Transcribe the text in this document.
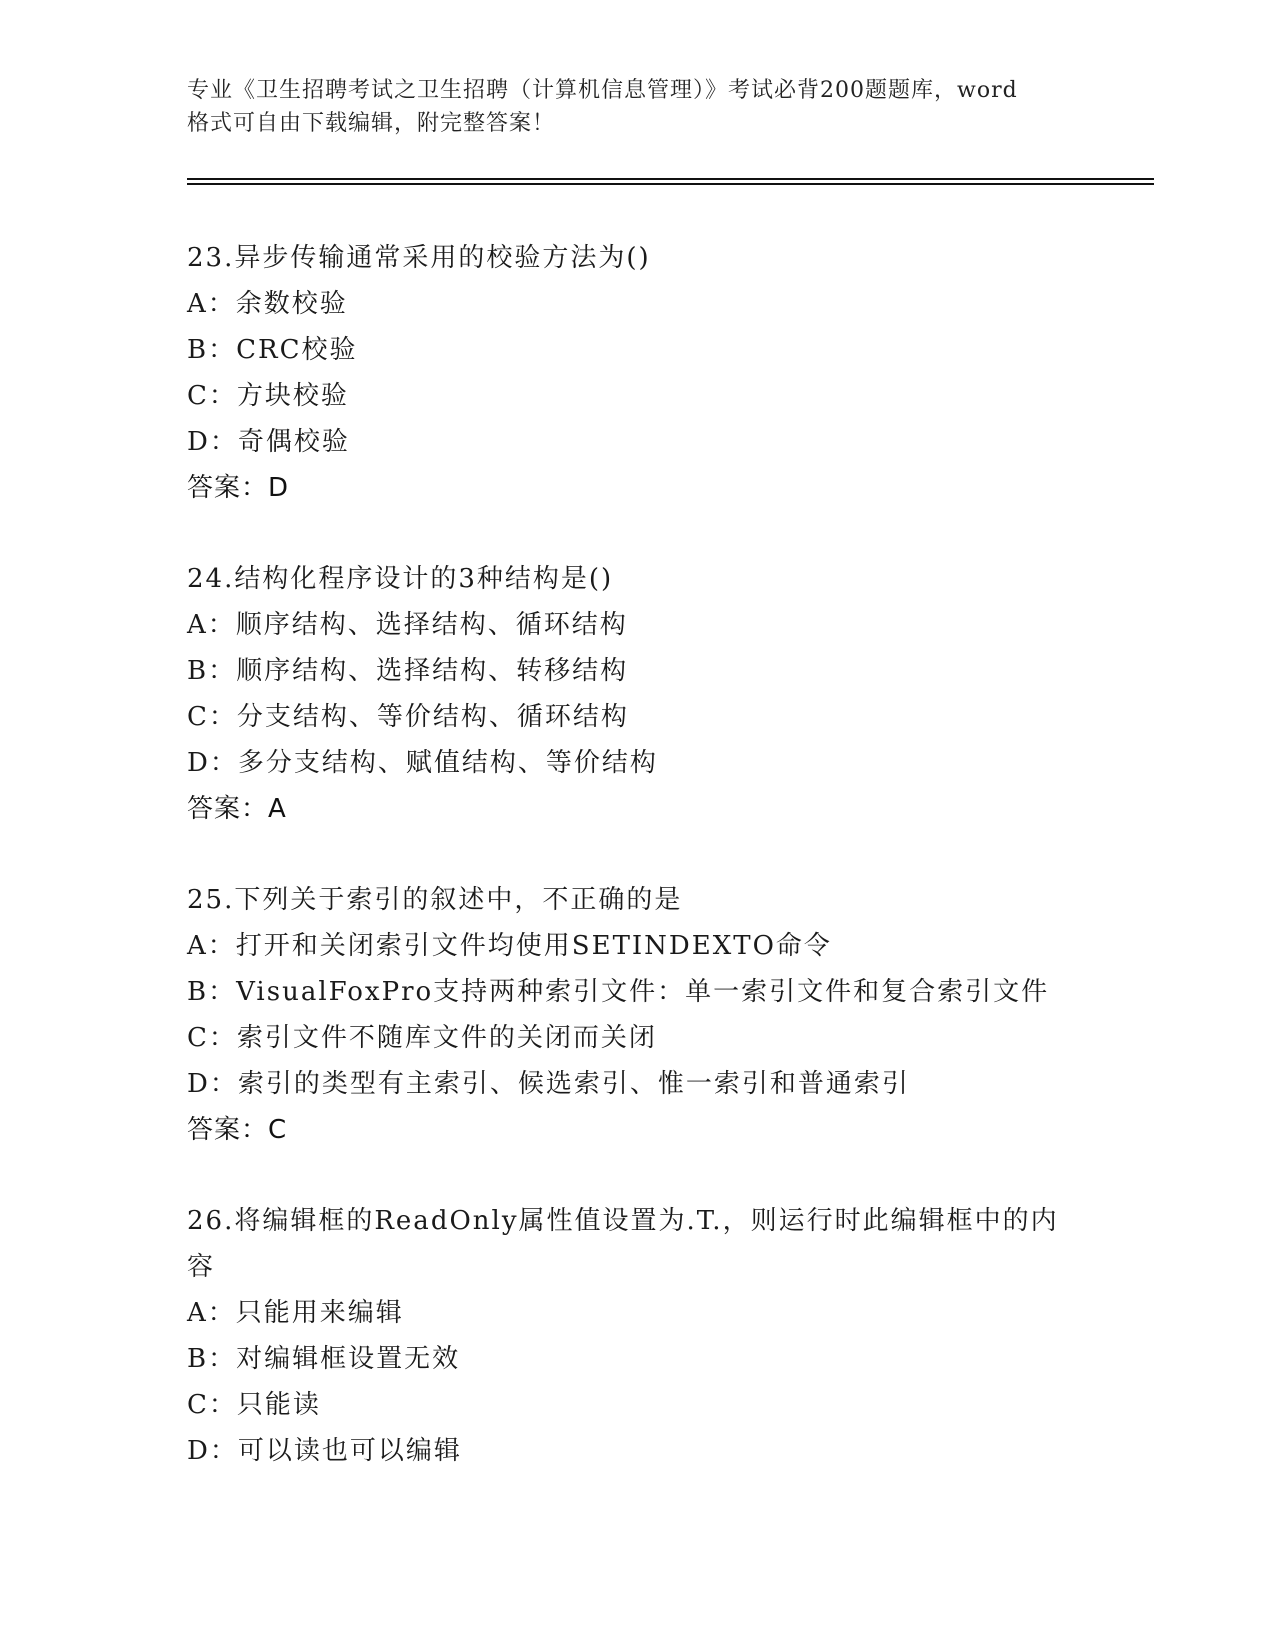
专业《卫生招聘考试之卫生招聘（计算机信息管理）》考试必背200题题库，word
格式可自由下载编辑，附完整答案！
23.异步传输通常采用的校验方法为()
A：余数校验
B：CRC校验
C：方块校验
D：奇偶校验
答案：D
24.结构化程序设计的3种结构是()
A：顺序结构、选择结构、循环结构
B：顺序结构、选择结构、转移结构
C：分支结构、等价结构、循环结构
D：多分支结构、赋值结构、等价结构
答案：A
25.下列关于索引的叙述中，不正确的是
A：打开和关闭索引文件均使用SETINDEXTO命令
B：VisualFoxPro支持两种索引文件：单一索引文件和复合索引文件
C：索引文件不随库文件的关闭而关闭
D：索引的类型有主索引、候选索引、惟一索引和普通索引
答案：C
26.将编辑框的ReadOnly属性值设置为.T.，则运行时此编辑框中的内
容
A：只能用来编辑
B：对编辑框设置无效
C：只能读
D：可以读也可以编辑
